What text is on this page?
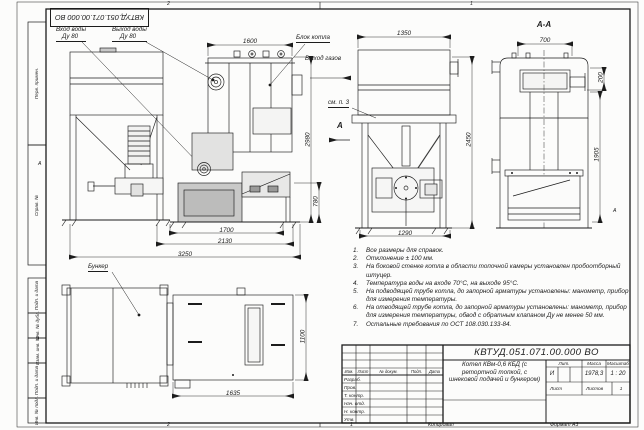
КВТУД.051.071.00.000 ВО
2	1
2	1
А
А
Перв. примен.
Справ. №
Подп. и дата
Инв. № дубл.
Взам. инв. №
Подп. и дата
Инв. № подл.
Вход воды
Ду 80
Выход воды
Ду 80	Блок котла
Выход газов
см. п. 3
А
А-А
Бункер
1600
1350
700
1290
1700
2130
3250
1635
2980
780
2450
1905
200
1100
1.	Все размеры для справок.
2.	Отклонение ± 100 мм.
3.	На боковой стенке котла в области топочной камеры установлен пробоотборный штуцер.
4.	Температура воды на входе 70°С, на выходе 95°С.
5.	На подводящей трубе котла, до запорной арматуры установлены: манометр, прибор для измерения температуры.
6.	На отводящей трубе котла, до запорной арматуры установлены: манометр, прибор для измерения температуры, обвод с обратным клапаном Ду не менее 50 мм.
7.	Остальные требования по ОСТ 108.030.133-84.
КВТУД.051.071.00.000 ВО
Котел КВм-0,6 КБД (с
ретортной топкой, с
шнековой подачей и бункером)
Изм. Лист	№ докум.	Подп.	Дата
Разраб.
Пров.
Т. контр.
Нач. отд.
Н. контр.
Утв.
Лит.	Масса	Масштаб
И	1978,3	1 : 20
Лист	Листов	1
Копировал	Формат А3
